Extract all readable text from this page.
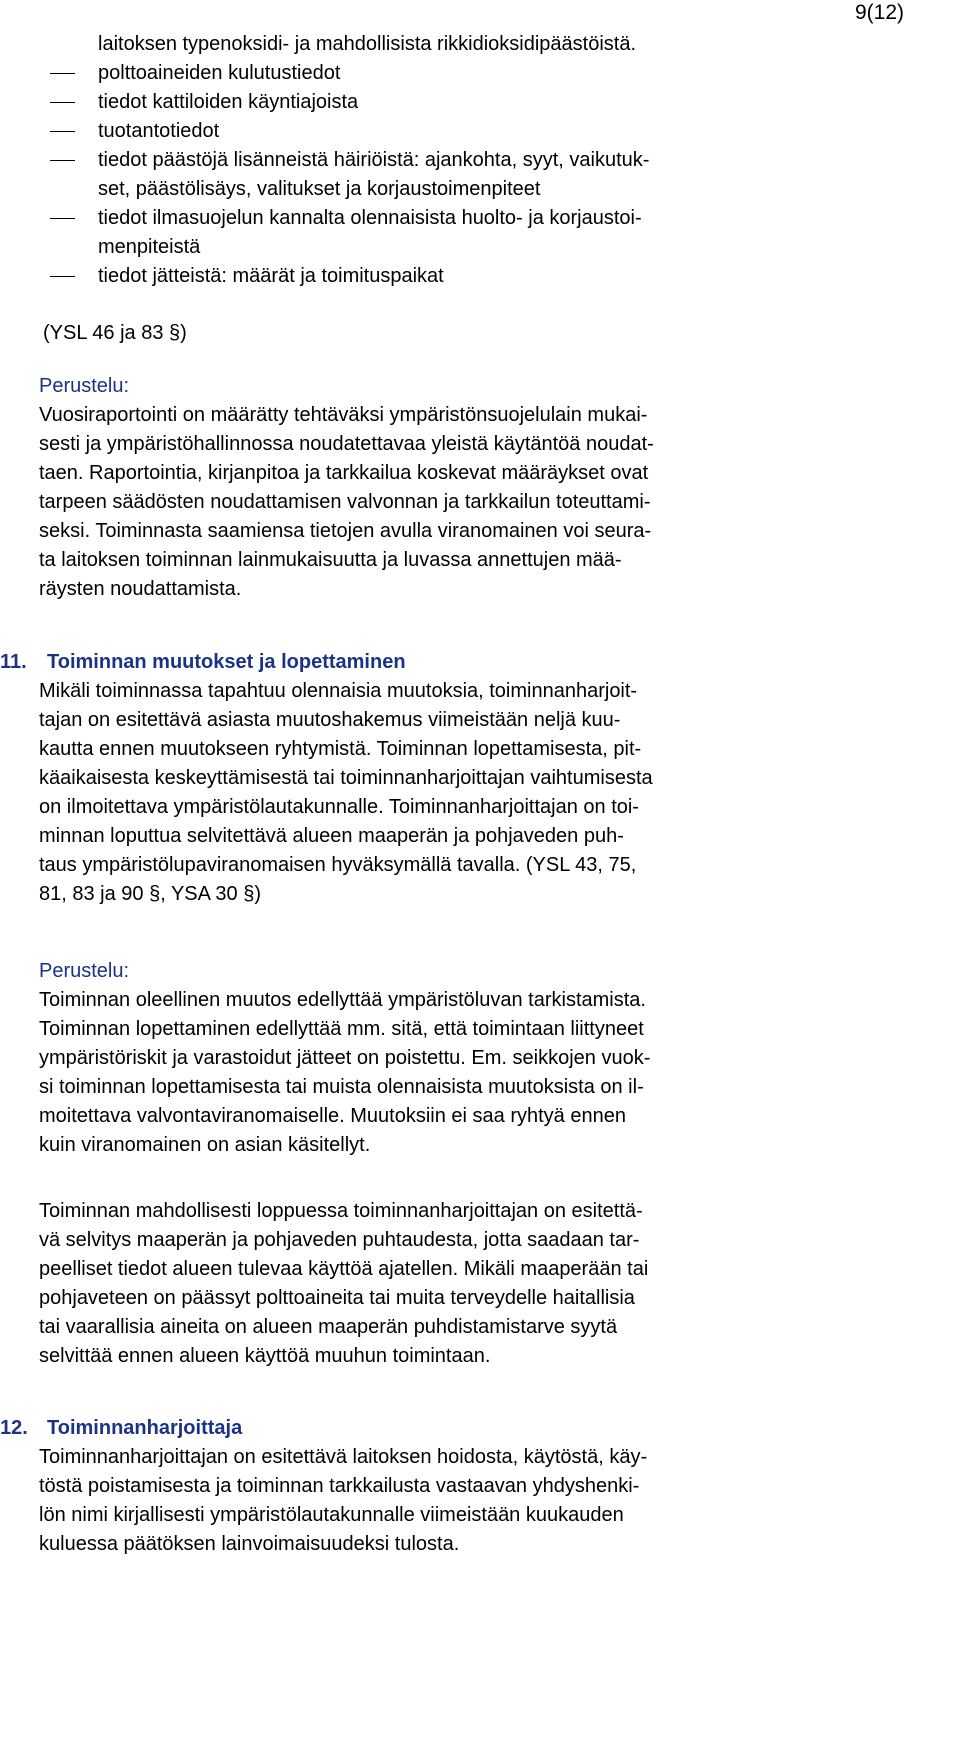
9(12)
laitoksen typenoksidi- ja mahdollisista rikkidioksidipäästöistä.
polttoaineiden kulutustiedot
tiedot kattiloiden käyntiajoista
tuotantotiedot
tiedot päästöjä lisänneistä häiriöistä: ajankohta, syyt, vaikutuk-
set, päästölisäys, valitukset ja korjaustoimenpiteet
tiedot ilmasuojelun kannalta olennaisista huolto- ja korjaustoi-
menpiteistä
tiedot jätteistä: määrät ja toimituspaikat
(YSL 46 ja 83 §)
Perustelu:
Vuosiraportointi on määrätty tehtäväksi ympäristönsuojelulain mukai-
sesti ja ympäristöhallinnossa noudatettavaa yleistä käytäntöä noudat-
taen. Raportointia, kirjanpitoa ja tarkkailua koskevat määräykset ovat
tarpeen säädösten noudattamisen valvonnan ja tarkkailun toteuttami-
seksi. Toiminnasta saamiensa tietojen avulla viranomainen voi seura-
ta laitoksen toiminnan lainmukaisuutta ja luvassa annettujen mää-
räysten noudattamista.
11. Toiminnan muutokset ja lopettaminen
Mikäli toiminnassa tapahtuu olennaisia muutoksia, toiminnanharjoit-
tajan on esitettävä asiasta muutoshakemus viimeistään neljä kuu-
kautta ennen muutokseen ryhtymistä. Toiminnan lopettamisesta, pit-
käaikaisesta keskeyttämisestä tai toiminnanharjoittajan vaihtumisesta
on ilmoitettava ympäristölautakunnalle. Toiminnanharjoittajan on toi-
minnan loputtua selvitettävä alueen maaperän ja pohjaveden puh-
taus ympäristölupaviranomaisen hyväksymällä tavalla. (YSL 43, 75,
81, 83 ja 90 §, YSA 30 §)
Perustelu:
Toiminnan oleellinen muutos edellyttää ympäristöluvan tarkistamista.
Toiminnan lopettaminen edellyttää mm. sitä, että toimintaan liittyneet
ympäristöriskit ja varastoidut jätteet on poistettu. Em. seikkojen vuok-
si toiminnan lopettamisesta tai muista olennaisista muutoksista on il-
moitettava valvontaviranomaiselle. Muutoksiin ei saa ryhtyä ennen
kuin viranomainen on asian käsitellyt.
Toiminnan mahdollisesti loppuessa toiminnanharjoittajan on esitettä-
vä selvitys maaperän ja pohjaveden puhtaudesta, jotta saadaan tar-
peelliset tiedot alueen tulevaa käyttöä ajatellen. Mikäli maaperään tai
pohjaveteen on päässyt polttoaineita tai muita terveydelle haitallisia
tai vaarallisia aineita on alueen maaperän puhdistamistarve syytä
selvittää ennen alueen käyttöä muuhun toimintaan.
12. Toiminnanharjoittaja
Toiminnanharjoittajan on esitettävä laitoksen hoidosta, käytöstä, käy-
töstä poistamisesta ja toiminnan tarkkailusta vastaavan yhdyshenki-
lön nimi kirjallisesti ympäristölautakunnalle viimeistään kuukauden
kuluessa päätöksen lainvoimaisuudeksi tulosta.
